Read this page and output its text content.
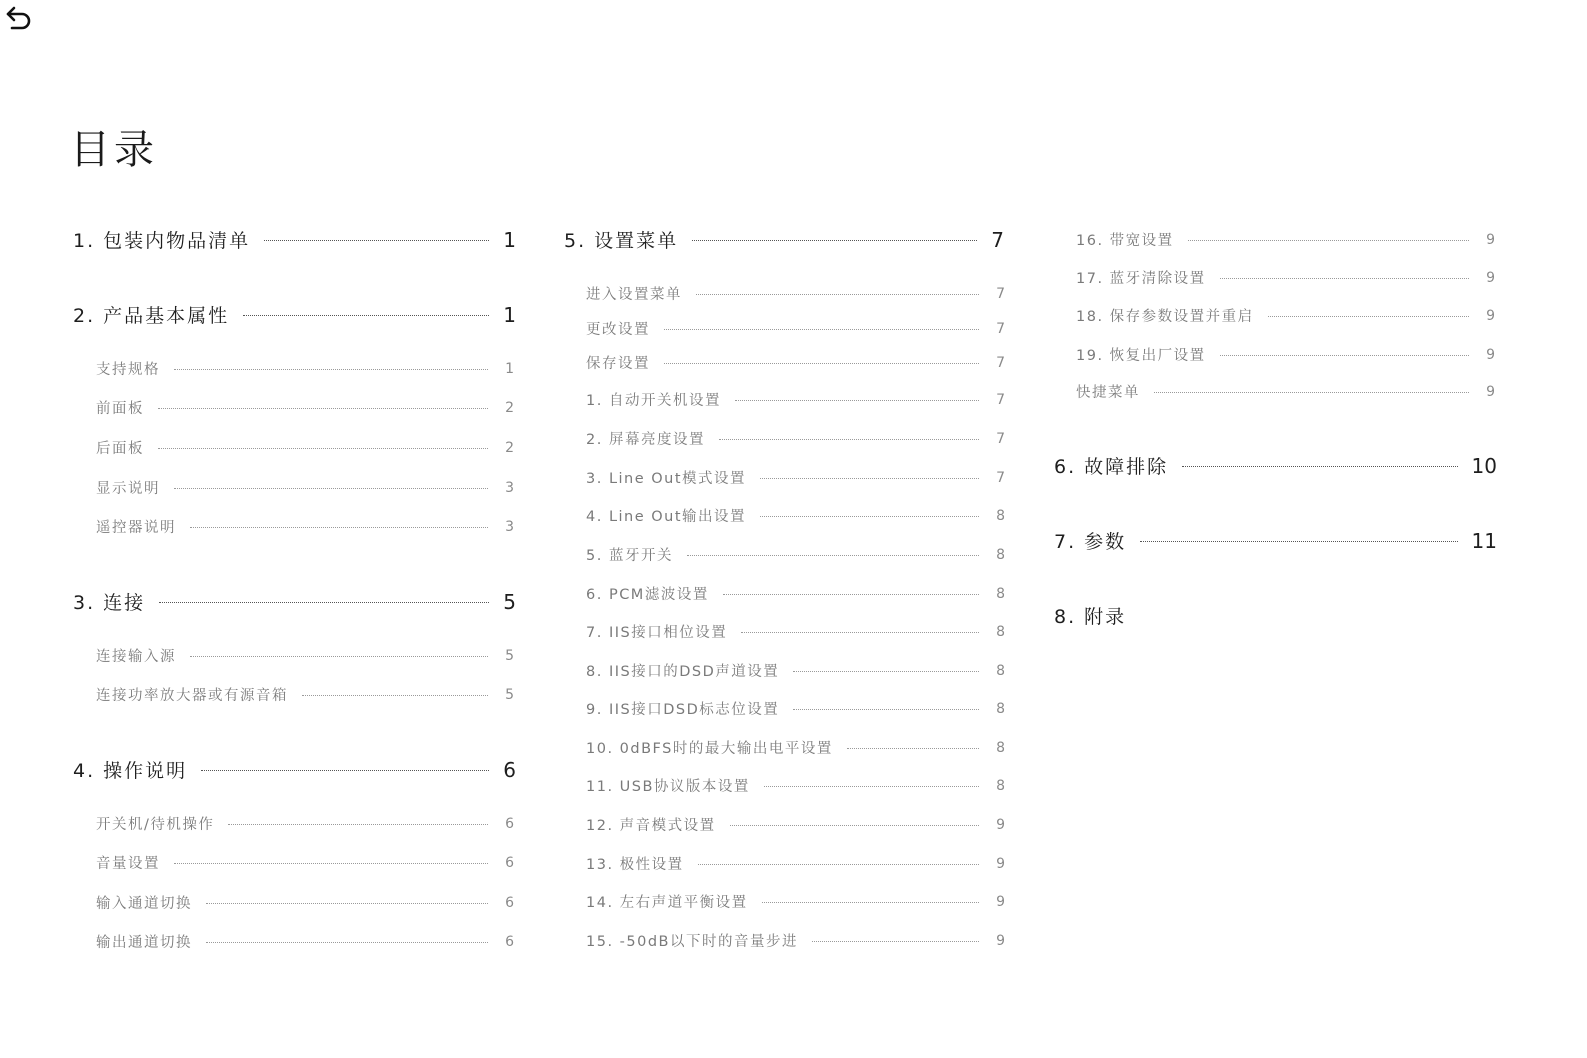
目录
1. 包装内物品清单	1
2. 产品基本属性	1
支持规格	1
前面板	2
后面板	2
显示说明	3
遥控器说明	3
3. 连接	5
连接输入源	5
连接功率放大器或有源音箱	5
4. 操作说明	6
开关机/待机操作	6
音量设置	6
输入通道切换	6
输出通道切换	6
5. 设置菜单	7
进入设置菜单	7
更改设置	7
保存设置	7
1. 自动开关机设置	7
2. 屏幕亮度设置	7
3. Line Out模式设置	7
4. Line Out输出设置	8
5. 蓝牙开关	8
6. PCM滤波设置	8
7. IIS接口相位设置	8
8. IIS接口的DSD声道设置	8
9. IIS接口DSD标志位设置	8
10. 0dBFS时的最大输出电平设置	8
11. USB协议版本设置	8
12. 声音模式设置	9
13. 极性设置	9
14. 左右声道平衡设置	9
15. -50dB以下时的音量步进	9
16. 带宽设置	9
17. 蓝牙清除设置	9
18. 保存参数设置并重启	9
19. 恢复出厂设置	9
快捷菜单	9
6. 故障排除	10
7. 参数	11
8. 附录
